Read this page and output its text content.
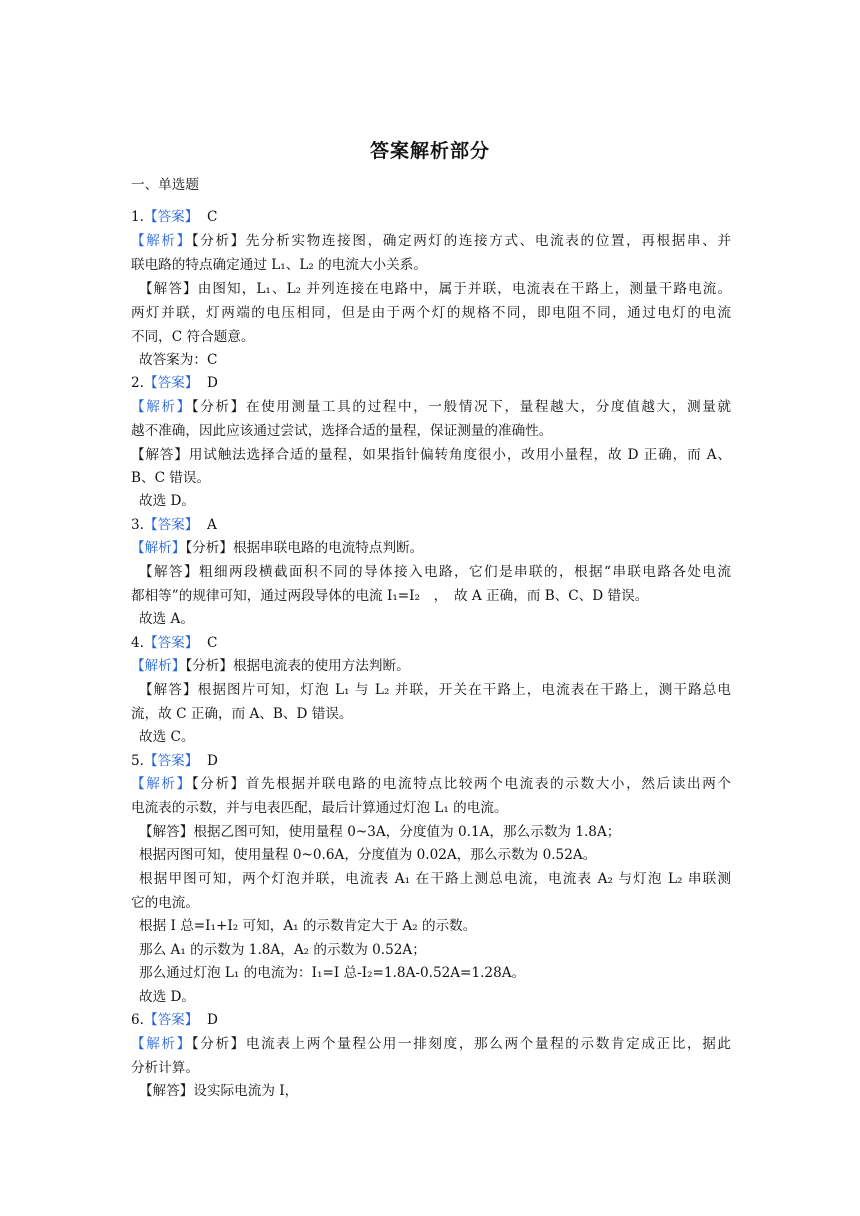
答案解析部分
一、单选题
1.【答案】 C
【解析】【分析】先分析实物连接图，确定两灯的连接方式、电流表的位置，再根据串、并
联电路的特点确定通过 L₁、L₂ 的电流大小关系。
【解答】由图知，L₁、L₂ 并列连接在电路中，属于并联，电流表在干路上，测量干路电流。
两灯并联，灯两端的电压相同，但是由于两个灯的规格不同，即电阻不同，通过电灯的电流
不同，C 符合题意。
故答案为：C
2.【答案】 D
【解析】【分析】在使用测量工具的过程中，一般情况下，量程越大，分度值越大，测量就
越不准确，因此应该通过尝试，选择合适的量程，保证测量的准确性。
【解答】用试触法选择合适的量程，如果指针偏转角度很小，改用小量程，故 D 正确，而 A、
B、C 错误。
故选 D。
3.【答案】 A
【解析】【分析】根据串联电路的电流特点判断。
【解答】粗细两段横截面积不同的导体接入电路，它们是串联的，根据“串联电路各处电流
都相等”的规律可知，通过两段导体的电流 I₁=I₂　，　故 A 正确，而 B、C、D 错误。
故选 A。
4.【答案】 C
【解析】【分析】根据电流表的使用方法判断。
【解答】根据图片可知，灯泡 L₁ 与 L₂ 并联，开关在干路上，电流表在干路上，测干路总电
流，故 C 正确，而 A、B、D 错误。
故选 C。
5.【答案】 D
【解析】【分析】首先根据并联电路的电流特点比较两个电流表的示数大小，然后读出两个
电流表的示数，并与电表匹配，最后计算通过灯泡 L₁ 的电流。
【解答】根据乙图可知，使用量程 0~3A，分度值为 0.1A，那么示数为 1.8A；
根据丙图可知，使用量程 0~0.6A，分度值为 0.02A，那么示数为 0.52A。
根据甲图可知，两个灯泡并联，电流表 A₁ 在干路上测总电流，电流表 A₂ 与灯泡 L₂ 串联测
它的电流。
根据 I 总=I₁+I₂ 可知，A₁ 的示数肯定大于 A₂ 的示数。
那么 A₁ 的示数为 1.8A，A₂ 的示数为 0.52A；
那么通过灯泡 L₁ 的电流为：I₁=I 总-I₂=1.8A-0.52A=1.28A。
故选 D。
6.【答案】 D
【解析】【分析】电流表上两个量程公用一排刻度，那么两个量程的示数肯定成正比，据此
分析计算。
【解答】设实际电流为 I，
